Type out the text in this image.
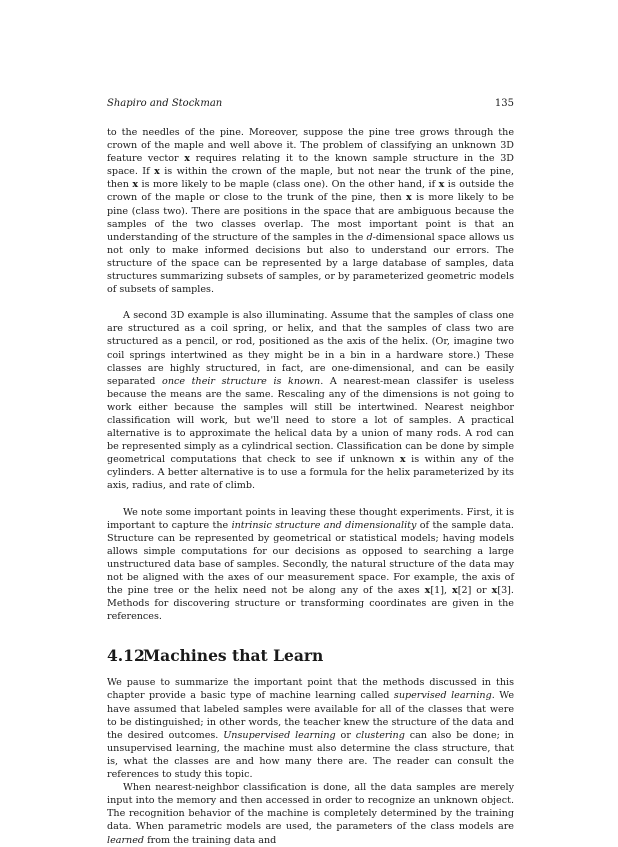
Shapiro and Stockman	135

to the needles of the pine. Moreover, suppose the pine tree grows through the crown of the maple and well above it. The problem of classifying an unknown 3D feature vector x requires relating it to the known sample structure in the 3D space. If x is within the crown of the maple, but not near the trunk of the pine, then x is more likely to be maple (class one). On the other hand, if x is outside the crown of the maple or close to the trunk of the pine, then x is more likely to be pine (class two). There are positions in the space that are ambiguous because the samples of the two classes overlap. The most important point is that an understanding of the structure of the samples in the d-dimensional space allows us not only to make informed decisions but also to understand our errors. The structure of the space can be represented by a large database of samples, data structures summarizing subsets of samples, or by parameterized geometric models of subsets of samples.

A second 3D example is also illuminating. Assume that the samples of class one are structured as a coil spring, or helix, and that the samples of class two are structured as a pencil, or rod, positioned as the axis of the helix. (Or, imagine two coil springs intertwined as they might be in a bin in a hardware store.) These classes are highly structured, in fact, are one-dimensional, and can be easily separated once their structure is known. A nearest-mean classifer is useless because the means are the same. Rescaling any of the dimensions is not going to work either because the samples will still be intertwined. Nearest neighbor classification will work, but we'll need to store a lot of samples. A practical alternative is to approximate the helical data by a union of many rods. A rod can be represented simply as a cylindrical section. Classification can be done by simple geometrical computations that check to see if unknown x is within any of the cylinders. A better alternative is to use a formula for the helix parameterized by its axis, radius, and rate of climb.

We note some important points in leaving these thought experiments. First, it is important to capture the intrinsic structure and dimensionality of the sample data. Structure can be represented by geometrical or statistical models; having models allows simple computations for our decisions as opposed to searching a large unstructured data base of samples. Secondly, the natural structure of the data may not be aligned with the axes of our measurement space. For example, the axis of the pine tree or the helix need not be along any of the axes x[1], x[2] or x[3]. Methods for discovering structure or transforming coordinates are given in the references.

4.12Machines that Learn

We pause to summarize the important point that the methods discussed in this chapter provide a basic type of machine learning called supervised learning. We have assumed that labeled samples were available for all of the classes that were to be distinguished; in other words, the teacher knew the structure of the data and the desired outcomes. Unsupervised learning or clustering can also be done; in unsupervised learning, the machine must also determine the class structure, that is, what the classes are and how many there are. The reader can consult the references to study this topic.

When nearest-neighbor classification is done, all the data samples are merely input into the memory and then accessed in order to recognize an unknown object. The recognition behavior of the machine is completely determined by the training data. When parametric models are used, the parameters of the class models are learned from the training data and
